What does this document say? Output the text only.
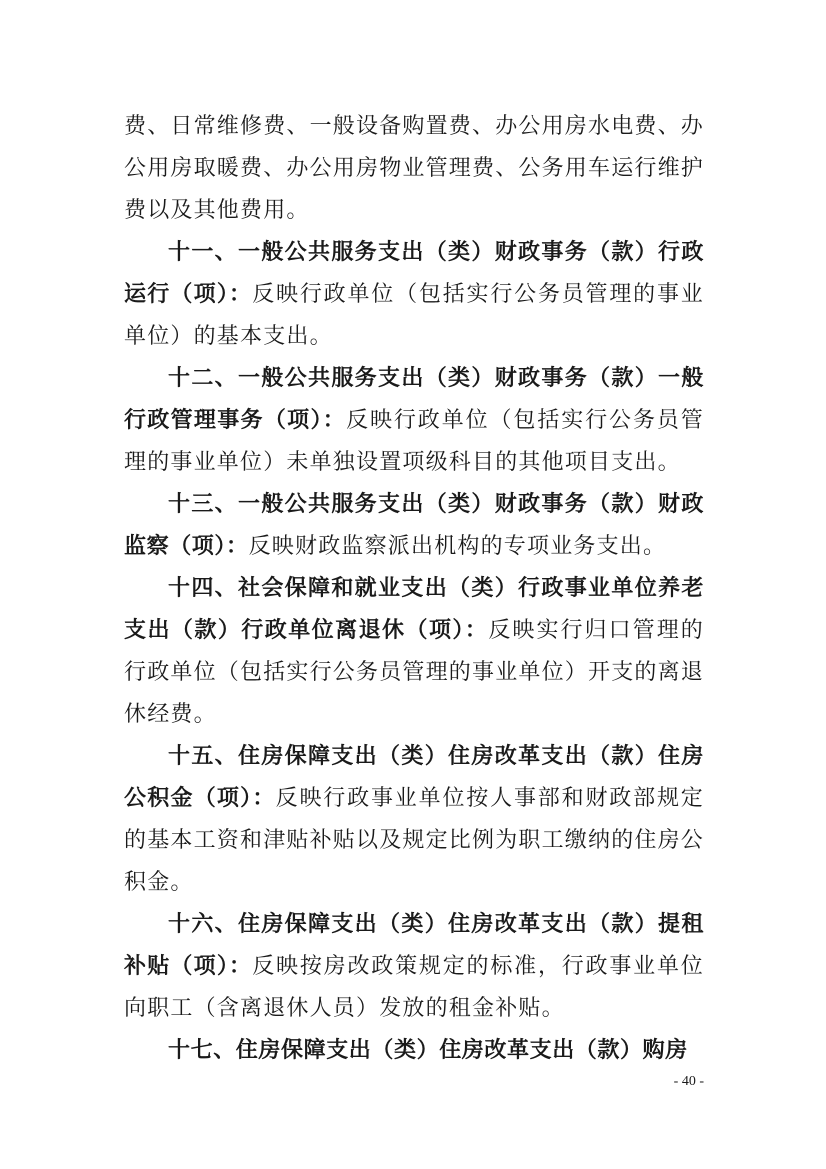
费、日常维修费、一般设备购置费、办公用房水电费、办公用房取暖费、办公用房物业管理费、公务用车运行维护费以及其他费用。

十一、一般公共服务支出（类）财政事务（款）行政运行（项）：反映行政单位（包括实行公务员管理的事业单位）的基本支出。

十二、一般公共服务支出（类）财政事务（款）一般行政管理事务（项）：反映行政单位（包括实行公务员管理的事业单位）未单独设置项级科目的其他项目支出。

十三、一般公共服务支出（类）财政事务（款）财政监察（项）：反映财政监察派出机构的专项业务支出。

十四、社会保障和就业支出（类）行政事业单位养老支出（款）行政单位离退休（项）：反映实行归口管理的行政单位（包括实行公务员管理的事业单位）开支的离退休经费。

十五、住房保障支出（类）住房改革支出（款）住房公积金（项）：反映行政事业单位按人事部和财政部规定的基本工资和津贴补贴以及规定比例为职工缴纳的住房公积金。

十六、住房保障支出（类）住房改革支出（款）提租补贴（项）：反映按房改政策规定的标准，行政事业单位向职工（含离退休人员）发放的租金补贴。

十七、住房保障支出（类）住房改革支出（款）购房

- 40 -
